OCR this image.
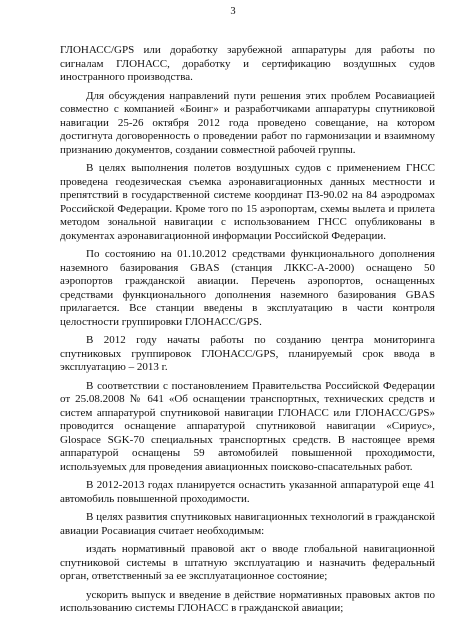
3

ГЛОНАСС/GPS или доработку зарубежной аппаратуры для работы по сигналам ГЛОНАСС, доработку и сертификацию воздушных судов иностранного производства.

Для обсуждения направлений пути решения этих проблем Росавиацией совместно с компанией «Боинг» и разработчиками аппаратуры спутниковой навигации 25-26 октября 2012 года проведено совещание, на котором достигнута договоренность о проведении работ по гармонизации и взаимному признанию документов, создании совместной рабочей группы.

В целях выполнения полетов воздушных судов с применением ГНСС проведена геодезическая съемка аэронавигационных данных местности и препятствий в государственной системе координат ПЗ-90.02 на 84 аэродромах Российской Федерации. Кроме того по 15 аэропортам, схемы вылета и прилета методом зональной навигации с использованием ГНСС опубликованы в документах аэронавигационной информации Российской Федерации.

По состоянию на 01.10.2012 средствами функционального дополнения наземного базирования GBAS (станция ЛККС-А-2000) оснащено 50 аэропортов гражданской авиации. Перечень аэропортов, оснащенных средствами функционального дополнения наземного базирования GBAS прилагается. Все станции введены в эксплуатацию в части контроля целостности группировки ГЛОНАСС/GPS.

В 2012 году начаты работы по созданию центра мониторинга спутниковых группировок ГЛОНАСС/GPS, планируемый срок ввода в эксплуатацию – 2013 г.

В соответствии с постановлением Правительства Российской Федерации от 25.08.2008 № 641 «Об оснащении транспортных, технических средств и систем аппаратурой спутниковой навигации ГЛОНАСС или ГЛОНАСС/GPS» проводится оснащение аппаратурой спутниковой навигации «Сириус», Glospace SGK-70 специальных транспортных средств. В настоящее время аппаратурой оснащены 59 автомобилей повышенной проходимости, используемых для проведения авиационных поисково-спасательных работ.

В 2012-2013 годах планируется оснастить указанной аппаратурой еще 41 автомобиль повышенной проходимости.

В целях развития спутниковых навигационных технологий в гражданской авиации Росавиация считает необходимым:

издать нормативный правовой акт о вводе глобальной навигационной спутниковой системы в штатную эксплуатацию и назначить федеральный орган, ответственный за ее эксплуатационное состояние;

ускорить выпуск и введение в действие нормативных правовых актов по использованию системы ГЛОНАСС в гражданской авиации;
